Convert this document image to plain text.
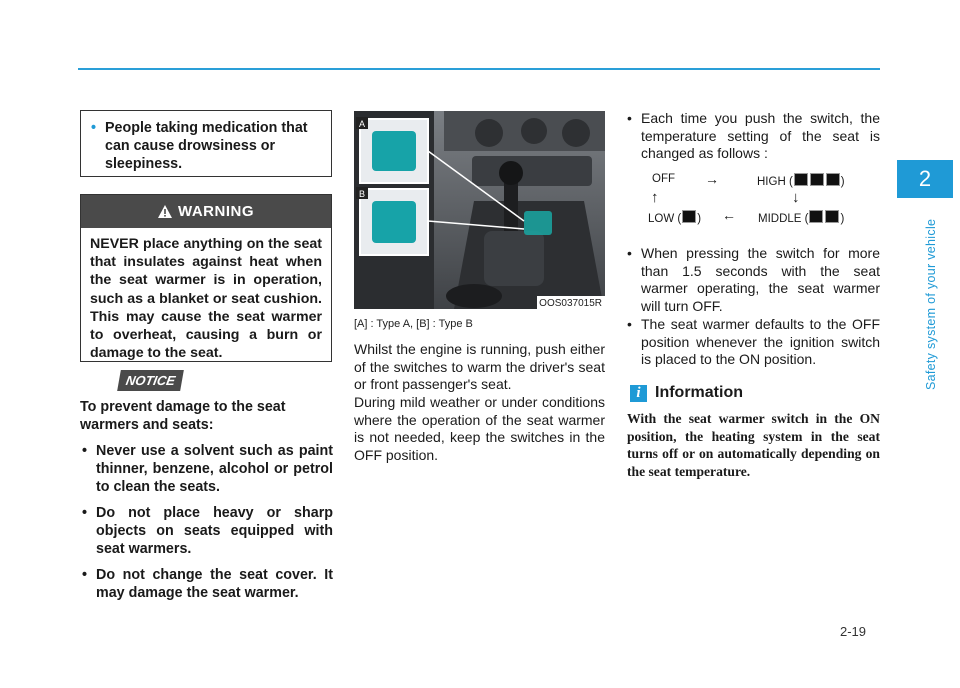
2
Safety system of your vehicle
2-19
• People taking medication that can cause drowsiness or sleepiness.
WARNING
NEVER place anything on the seat that insulates against heat when the seat warmer is in operation, such as a blanket or seat cushion. This may cause the seat warmer to overheat, causing a burn or damage to the seat.
NOTICE
To prevent damage to the seat warmers and seats:
• Never use a solvent such as paint thinner, benzene, alcohol or petrol to clean the seats.
• Do not place heavy or sharp objects on seats equipped with seat warmers.
• Do not change the seat cover. It may damage the seat warmer.
A
B
OOS037015R
[A] : Type A, [B] : Type B
Whilst the engine is running, push either of the switches to warm the driver's seat or front passenger's seat.
During mild weather or under conditions where the operation of the seat warmer is not needed, keep the switches in the OFF position.
• Each time you push the switch, the temperature setting of the seat is changed as follows :
OFF →	HIGH (	)
↑	↓
LOW ( ) ← MIDDLE (	)
• When pressing the switch for more than 1.5 seconds with the seat warmer operating, the seat warmer will turn OFF.
• The seat warmer defaults to the OFF position whenever the ignition switch is placed to the ON position.
i Information
With the seat warmer switch in the ON position, the heating system in the seat turns off or on automatically depending on the seat temperature.
